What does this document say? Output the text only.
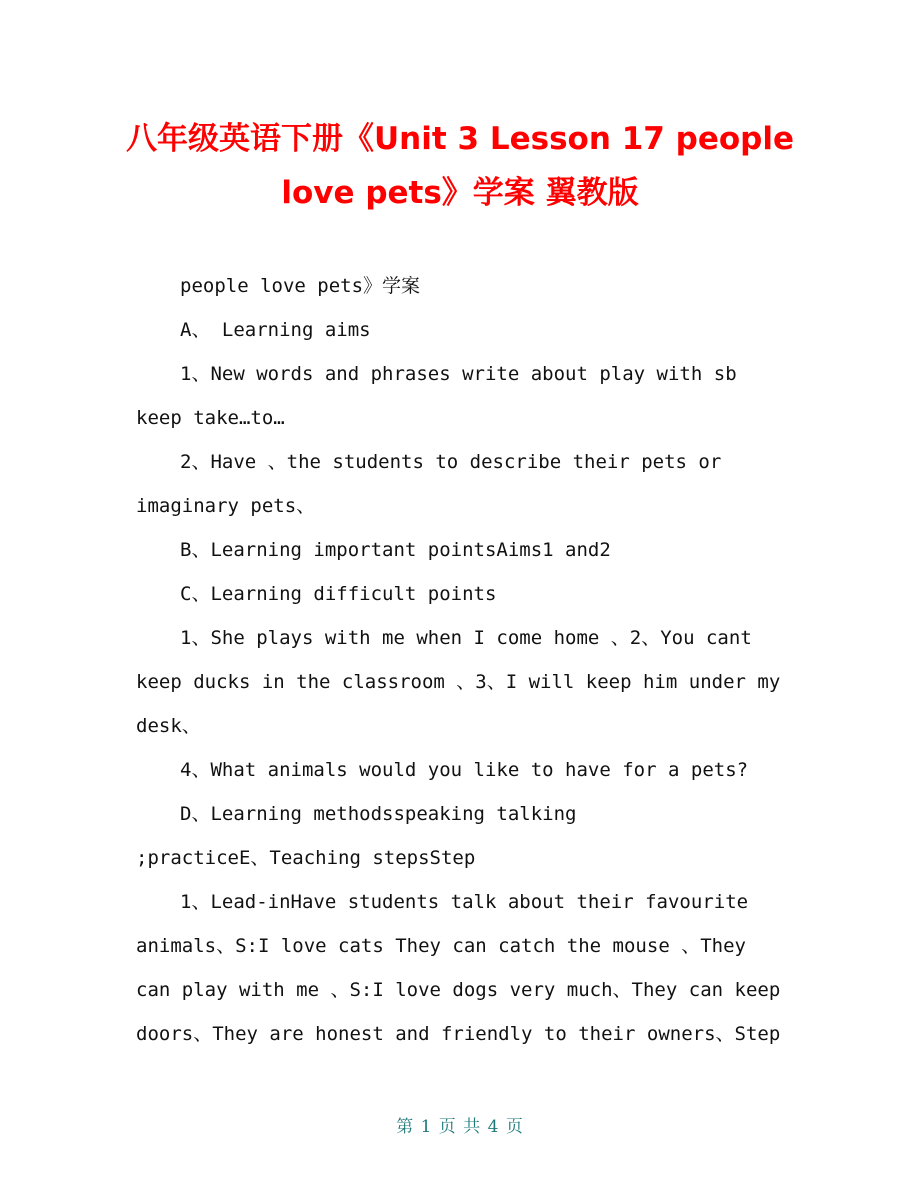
八年级英语下册《Unit 3 Lesson 17 people
love pets》学案 翼教版
people love pets》学案
A、 Learning aims
1、New words and phrases write about play with sb
keep take…to…
2、Have 、the students to describe their pets or
imaginary pets、
B、Learning important pointsAims1 and2
C、Learning difficult points
1、She plays with me when I come home 、2、You cant
keep ducks in the classroom 、3、I will keep him under my
desk、
4、What animals would you like to have for a pets?
D、Learning methodsspeaking talking
;practiceE、Teaching stepsStep
1、Lead-inHave students talk about their favourite
animals、S:I love cats They can catch the mouse 、They
can play with me 、S:I love dogs very much、They can keep
doors、They are honest and friendly to their owners、Step
第 1 页 共 4 页
